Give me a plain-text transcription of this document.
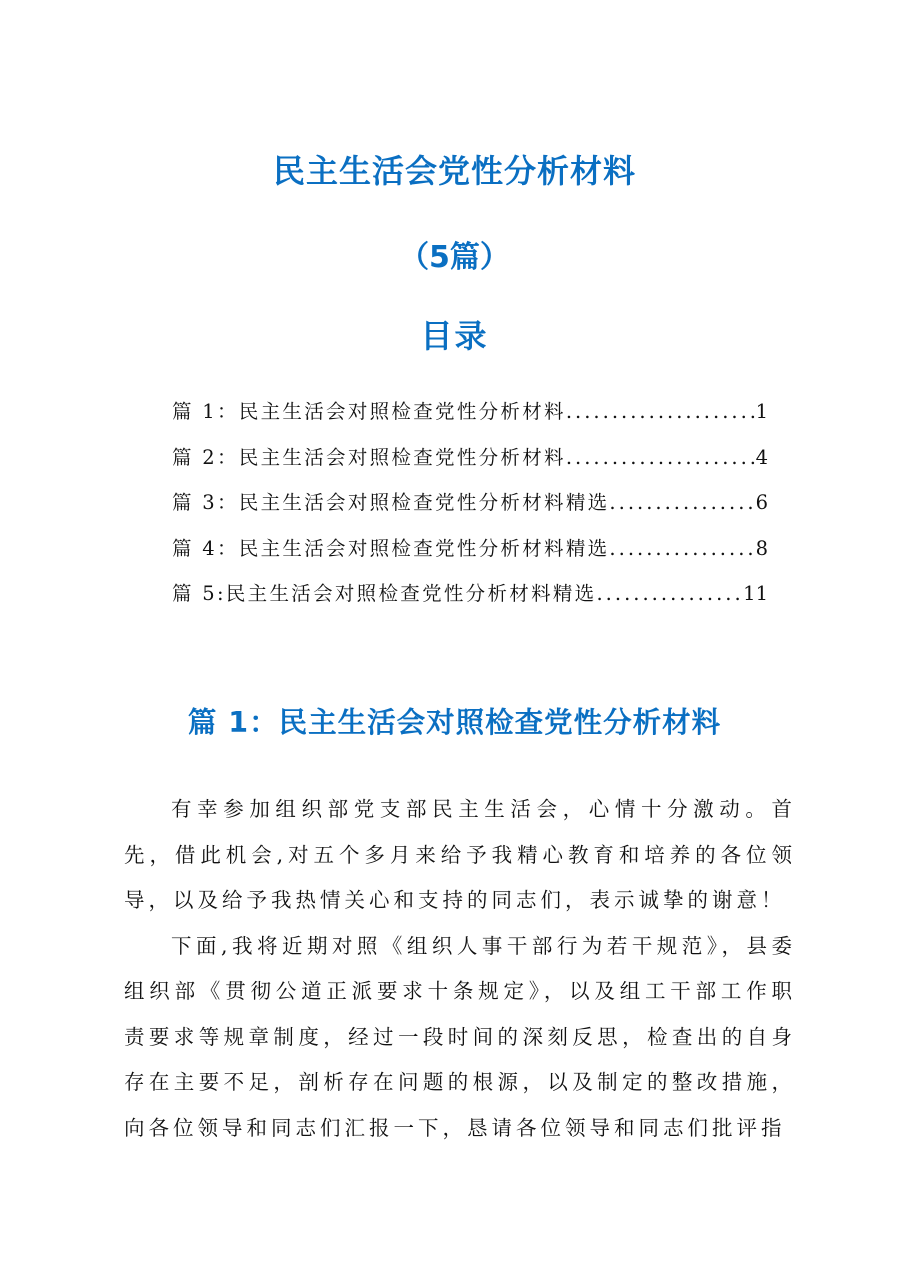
民主生活会党性分析材料
（5篇）
目录
篇 1： 民主生活会对照检查党性分析材料 .....	1
篇 2： 民主生活会对照检查党性分析材料 .....	4
篇 3： 民主生活会对照检查党性分析材料精选 .....	6
篇 4： 民主生活会对照检查党性分析材料精选 .....	8
篇 5: 民主生活会对照检查党性分析材料精选 .....	11
篇 1：民主生活会对照检查党性分析材料

有幸参加组织部党支部民主生活会，心情十分激动。首先，借此机会,对五个多月来给予我精心教育和培养的各位领导，以及给予我热情关心和支持的同志们，表示诚挚的谢意！

下面,我将近期对照《组织人事干部行为若干规范》，县委组织部《贯彻公道正派要求十条规定》，以及组工干部工作职责要求等规章制度，经过一段时间的深刻反思，检查出的自身存在主要不足，剖析存在问题的根源，以及制定的整改措施，向各位领导和同志们汇报一下，恳请各位领导和同志们批评指
